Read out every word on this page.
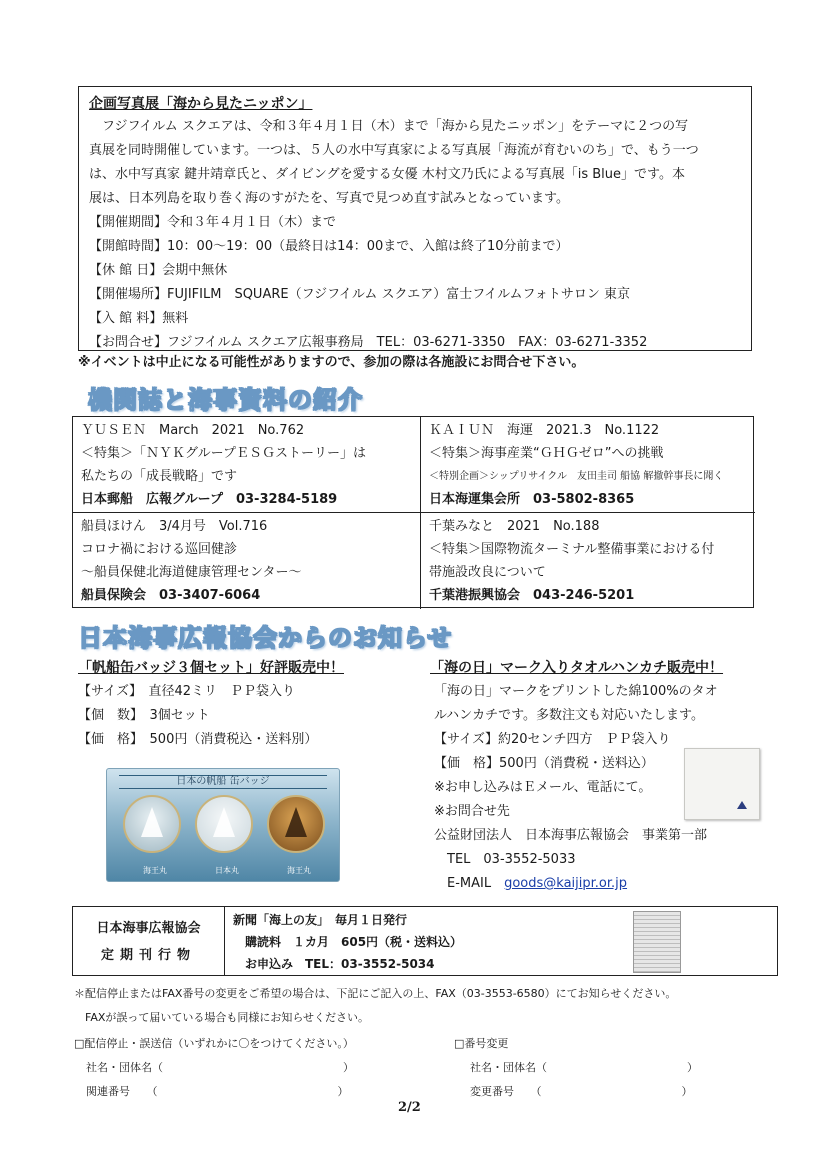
企画写真展「海から見たニッポン」

　フジフイルム スクエアは、令和３年４月１日（木）まで「海から見たニッポン」をテーマに２つの写

真展を同時開催しています。一つは、５人の水中写真家による写真展「海流が育むいのち」で、もう一つ

は、水中写真家 鍵井靖章氏と、ダイビングを愛する女優 木村文乃氏による写真展「is Blue」です。本

展は、日本列島を取り巻く海のすがたを、写真で見つめ直す試みとなっています。

【開催期間】令和３年４月１日（木）まで
【開館時間】10：00～19：00（最終日は14：00まで、入館は終了10分前まで）
【休 館 日】会期中無休
【開催場所】FUJIFILM　SQUARE（フジフイルム スクエア）富士フイルムフォトサロン 東京
【入 館 料】無料
【お問合せ】フジフイルム スクエア広報事務局　TEL：03-6271-3350　FAX：03-6271-3352
※イベントは中止になる可能性がありますので、参加の際は各施設にお問合せ下さい。
機関誌と海事資料の紹介
ＹＵＳＥＮ　March　2021　No.762
＜特集＞「ＮＹＫグループＥＳＧストーリー」は
私たちの「成長戦略」です
日本郵船　広報グループ　03-3284-5189
ＫＡＩＵＮ　海運　2021.3　No.1122
＜特集＞海事産業“ＧＨＧゼロ”への挑戦
＜特別企画＞シップリサイクル　友田圭司 船協 解撤幹事長に聞く
日本海運集会所　03-5802-8365
船員ほけん　3/4月号　Vol.716
コロナ禍における巡回健診
～船員保健北海道健康管理センター～
船員保険会　03-3407-6064
千葉みなと　2021　No.188
＜特集＞国際物流ターミナル整備事業における付
帯施設改良について
千葉港振興協会　043-246-5201
日本海事広報協会からのお知らせ
「帆船缶バッジ３個セット」好評販売中！
【サイズ】　 直径42ミリ　ＰＰ袋入り
【個　数】　 3個セット
【価　格】　 500円（消費税込・送料別）
日本の帆船 缶バッジ
海王丸	日本丸	海王丸
「海の日」マーク入りタオルハンカチ販売中！
「海の日」マークをプリントした綿100%のタオ
ルハンカチです。多数注文も対応いたします。
【サイズ】約20センチ四方　ＰＰ袋入り
【価　格】500円（消費税・送料込）
※お申し込みはＥメール、電話にて。
※お問合せ先
公益財団法人　日本海事広報協会　事業第一部
　TEL　03-3552-5033
　E-MAIL　goods@kaijipr.or.jp
日本海事広報協会
定期刊行物
新聞「海上の友」　毎月１日発行
購読料　１カ月　605円（税・送料込）
お申込み　TEL：03-3552-5034
＊配信停止またはFAX番号の変更をご希望の場合は、下記にご記入の上、FAX（03-3553-6580）にてお知らせください。
　FAXが誤って届いている場合も同様にお知らせください。
□配信停止・誤送信（いずれかに〇をつけてください。）
社名・団体名（	）
関連番号　　（	）
□番号変更
社名・団体名（	）
変更番号　　（	）
2/2
